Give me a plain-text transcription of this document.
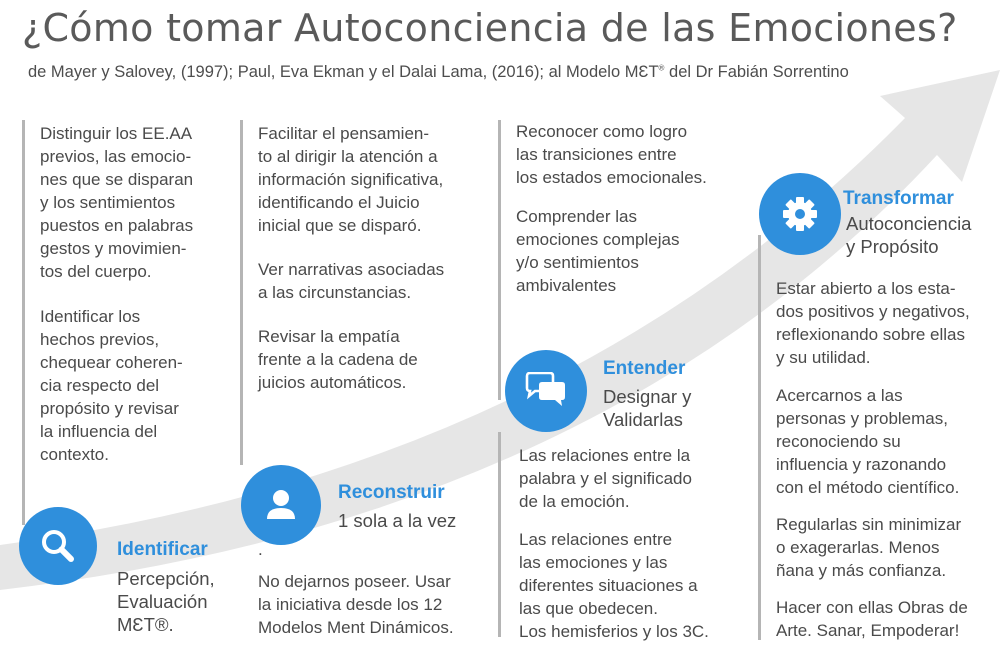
¿Cómo tomar Autoconciencia de las Emociones?
de Mayer y Salovey, (1997); Paul, Eva Ekman y el Dalai Lama, (2016); al Modelo MƐT® del Dr Fabián Sorrentino
Distinguir los EE.AA
previos, las emocio-
nes que se disparan
y los sentimientos
puestos en palabras
gestos y movimien-
tos del cuerpo.
Identificar los
hechos previos,
chequear coheren-
cia respecto del
propósito y revisar
la influencia del
contexto.
Identificar
Percepción,
Evaluación
MƐT®.
Facilitar el pensamien-
to al dirigir la atención a
información significativa,
identificando el Juicio
inicial que se disparó.
Ver narrativas asociadas
a las circunstancias.
Revisar la empatía
frente a la cadena de
juicios automáticos.
Reconstruir
1 sola a la vez
.
No dejarnos poseer. Usar
la iniciativa desde los 12
Modelos Ment Dinámicos.
Reconocer como logro
las transiciones entre
los estados emocionales.
Comprender las
emociones complejas
y/o sentimientos
ambivalentes
Entender
Designar y
Validarlas
Las relaciones entre la
palabra y el significado
de la emoción.
Las relaciones entre
las emociones y las
diferentes situaciones a
las que obedecen.
Los hemisferios y los 3C.
Transformar
Autoconciencia
y Propósito
Estar abierto a los esta-
dos positivos y negativos,
reflexionando sobre ellas
y su utilidad.
Acercarnos a las
personas y problemas,
reconociendo su
influencia y razonando
con el método científico.
Regularlas sin minimizar
o exagerarlas. Menos
ñana y más confianza.
Hacer con ellas Obras de
Arte. Sanar, Empoderar!
